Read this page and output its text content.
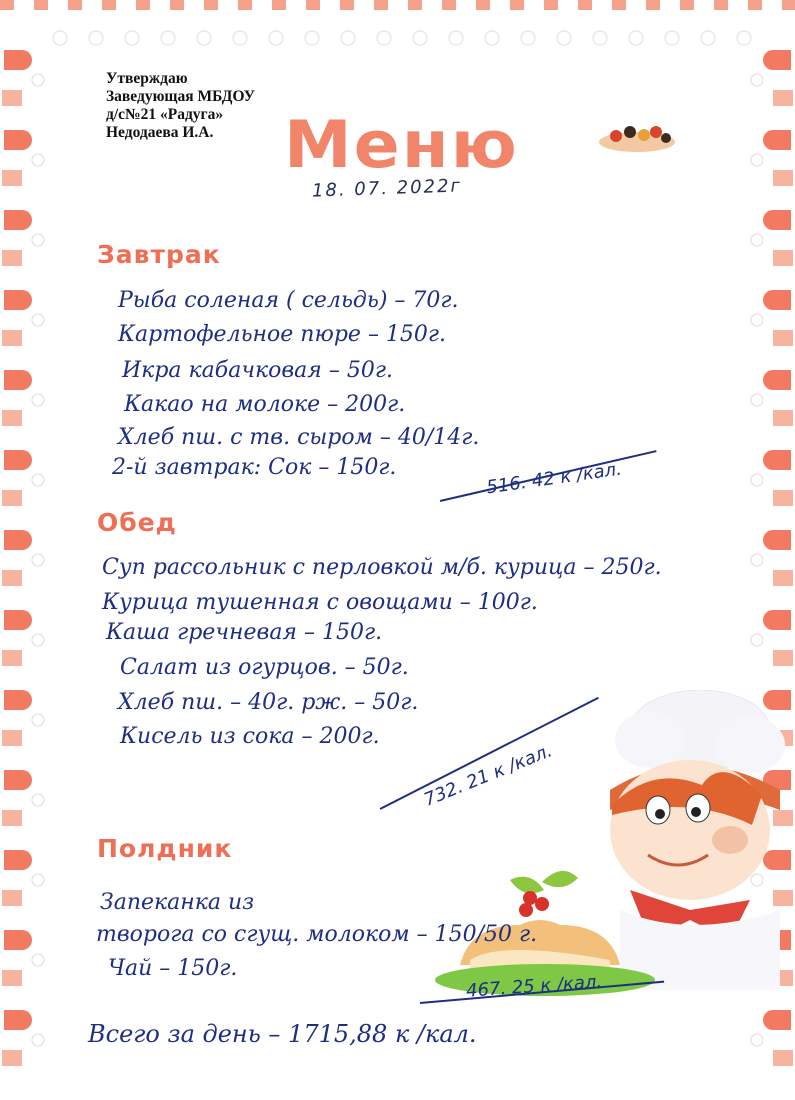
Утверждаю
Заведующая МБДОУ
д/с№21 «Радуга»
Недодаева И.А.	Меню
18. 07. 2022г
Завтрак
Рыба соленая ( сельдь) – 70г.
Картофельное пюре – 150г.
Икра кабачковая – 50г.
Какао на молоке – 200г.
Хлеб пш. с тв. сыром – 40/14г.
2-й завтрак: Сок – 150г.	516. 42 к /кал.
Обед
Суп рассольник с перловкой м/б. курица – 250г.
Курица тушенная с овощами – 100г.
Каша гречневая – 150г.
Салат из огурцов. – 50г.
Хлеб пш. – 40г. рж. – 50г.
Кисель из сока – 200г.
732. 21 к /кал.
Полдник
Запеканка из
творога со сгущ. молоком – 150/50 г.
Чай – 150г.
467. 25 к /кал.
Всего за день – 1715,88 к /кал.
